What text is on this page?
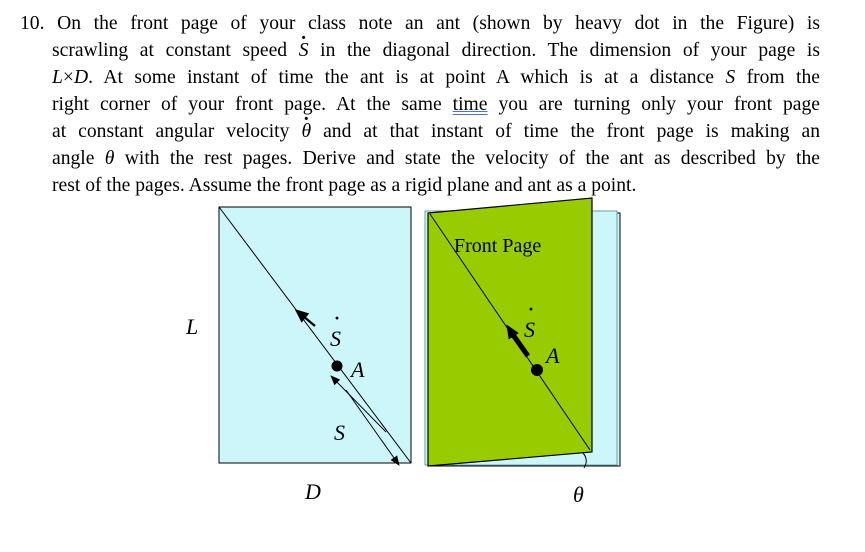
10. On the front page of your class note an ant (shown by heavy dot in the Figure) is
scrawling at constant speed S · in the diagonal direction. The dimension of your page is
L×D. At some instant of time the ant is at point A which is at a distance S from the
right corner of your front page. At the same time you are turning only your front page
at constant angular velocity θ · and at that instant of time the front page is making an
angle θ with the rest pages. Derive and state the velocity of the ant as described by the
rest of the pages. Assume the front page as a rigid plane and ant as a point.
L
D
S
·
A
S
Front Page
S
·
A
θ
